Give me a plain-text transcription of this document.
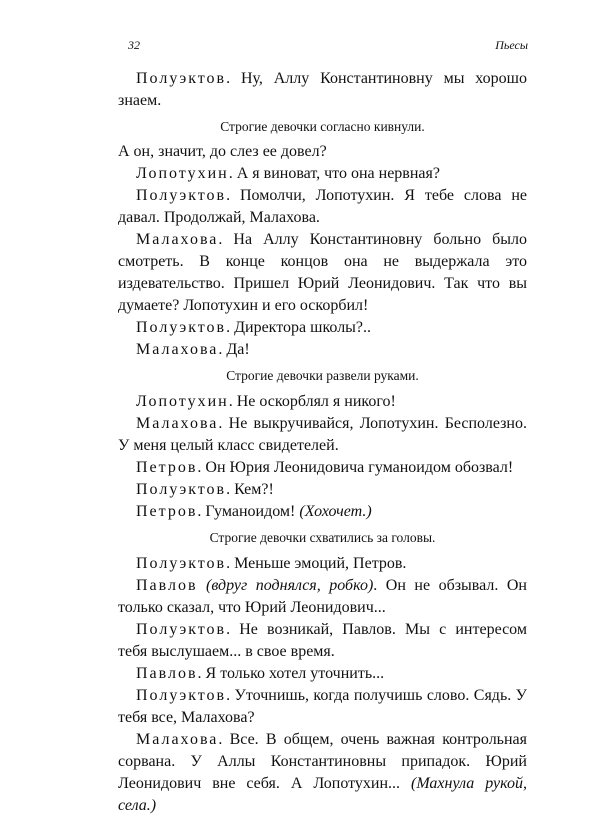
32	Пьесы

Полуэктов. Ну, Аллу Константиновну мы хорошо знаем.

Строгие девочки согласно кивнули.

А он, значит, до слез ее довел?

Лопотухин. А я виноват, что она нервная?

Полуэктов. Помолчи, Лопотухин. Я тебе слова не давал. Продолжай, Малахова.

Малахова. На Аллу Константиновну больно было смотреть. В конце концов она не выдержала это издевательство. Пришел Юрий Леонидович. Так что вы думаете? Лопотухин и его оскорбил!

Полуэктов. Директора школы?..

Малахова. Да!

Строгие девочки развели руками.

Лопотухин. Не оскорблял я никого!

Малахова. Не выкручивайся, Лопотухин. Бесполезно. У меня целый класс свидетелей.

Петров. Он Юрия Леонидовича гуманоидом обозвал!

Полуэктов. Кем?!

Петров. Гуманоидом! (Хохочет.)

Строгие девочки схватились за головы.

Полуэктов. Меньше эмоций, Петров.

Павлов (вдруг поднялся, робко). Он не обзывал. Он только сказал, что Юрий Леонидович...

Полуэктов. Не возникай, Павлов. Мы с интересом тебя выслушаем... в свое время.

Павлов. Я только хотел уточнить...

Полуэктов. Уточнишь, когда получишь слово. Сядь. У тебя все, Малахова?

Малахова. Все. В общем, очень важная контрольная сорвана. У Аллы Константиновны припадок. Юрий Леонидович вне себя. А Лопотухин... (Махнула рукой, села.)
